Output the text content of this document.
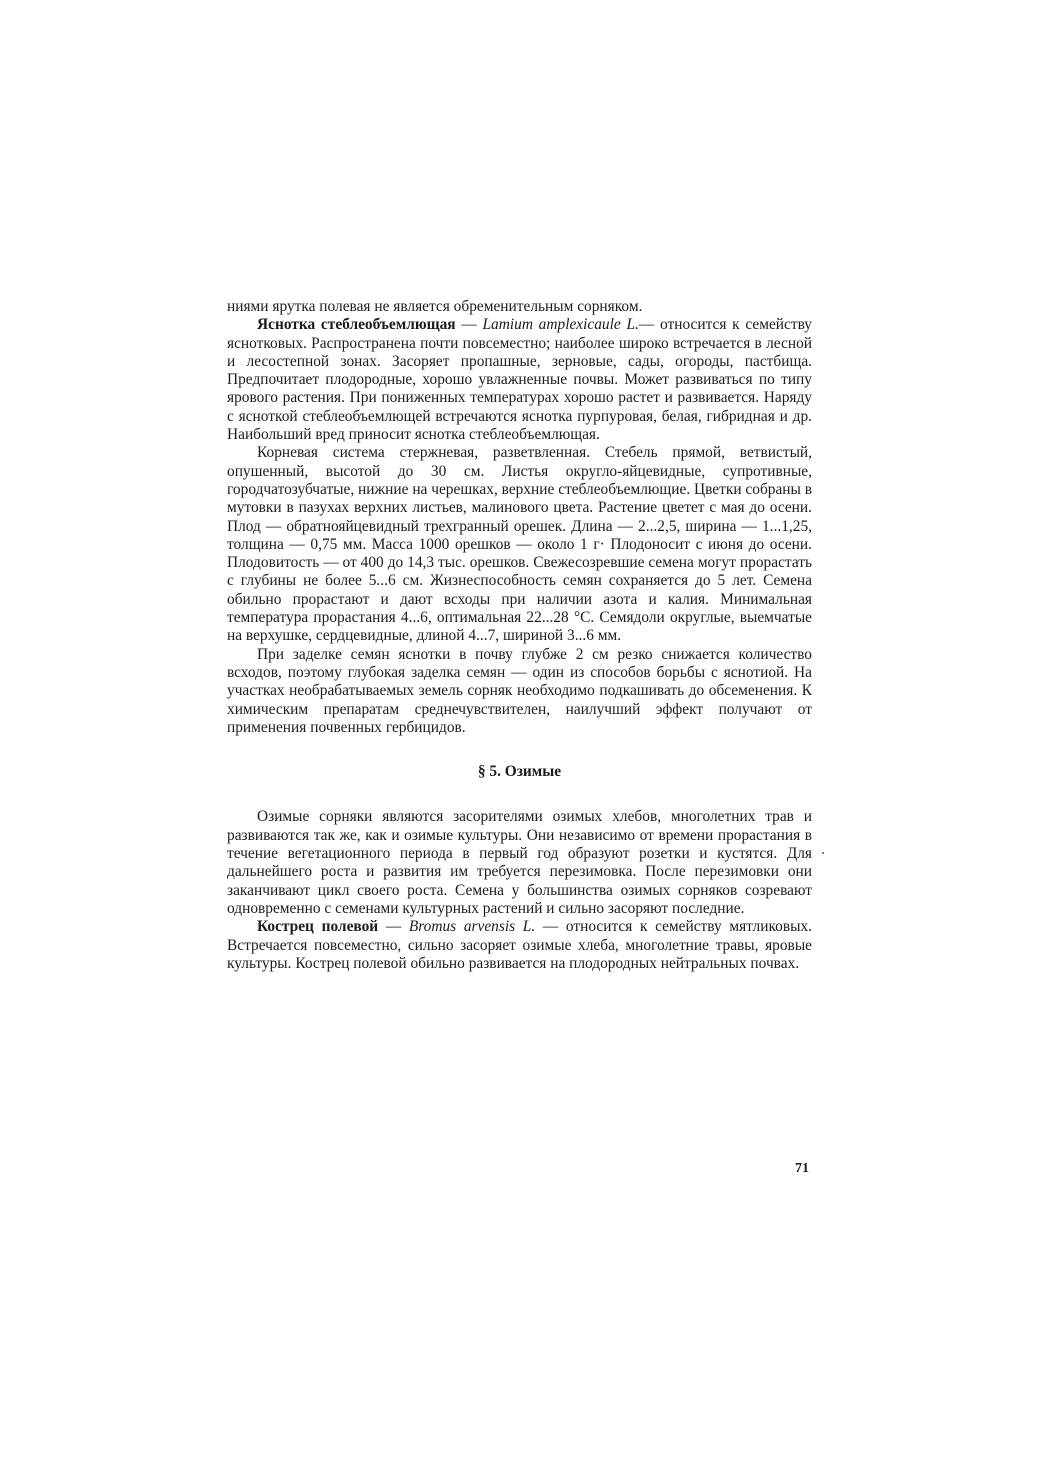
ниями ярутка полевая не является обременительным сорняком.

Яснотка стеблеобъемлющая — Lamium amplexicaule L.— относится к семейству яснотковых. Распространена почти повсеместно; наиболее широко встречается в лесной и лесостепной зонах. Засоряет пропашные, зерновые, сады, огороды, пастбища. Предпочитает плодородные, хорошо увлажненные почвы. Может развиваться по типу ярового растения. При пониженных температурах хорошо растет и развивается. Наряду с ясноткой стеблеобъемлющей встречаются яснотка пурпуровая, белая, гибридная и др. Наибольший вред приносит яснотка стеблеобъемлющая.

Корневая система стержневая, разветвленная. Стебель прямой, ветвистый, опушенный, высотой до 30 см. Листья округло-яйцевидные, супротивные, городчатозубчатые, нижние на черешках, верхние стеблеобъемлющие. Цветки собраны в мутовки в пазухах верхних листьев, малинового цвета. Растение цветет с мая до осени. Плод — обратнояйцевидный трехгранный орешек. Длина — 2...2,5, ширина — 1...1,25, толщина — 0,75 мм. Масса 1000 орешков — около 1 г· Плодоносит с июня до осени. Плодовитость — от 400 до 14,3 тыс. орешков. Свежесозревшие семена могут прорастать с глубины не более 5...6 см. Жизнеспособность семян сохраняется до 5 лет. Семена обильно прорастают и дают всходы при наличии азота и калия. Минимальная температура прорастания 4...6, оптимальная 22...28 °С. Семядоли округлые, выемчатые на верхушке, сердцевидные, длиной 4...7, шириной 3...6 мм.

При заделке семян яснотки в почву глубже 2 см резко снижается количество всходов, поэтому глубокая заделка семян — один из способов борьбы с яснотиой. На участках необрабатываемых земель сорняк необходимо подкашивать до обсеменения. К химическим препаратам среднечувствителен, наилучший эффект получают от применения почвенных гербицидов.

§ 5. Озимые

Озимые сорняки являются засорителями озимых хлебов, многолетних трав и развиваются так же, как и озимые культуры. Они независимо от времени прорастания в течение вегетационного периода в первый год образуют розетки и кустятся. Для дальнейшего роста и развития им требуется перезимовка. После перезимовки они заканчивают цикл своего роста. Семена у большинства озимых сорняков созревают одновременно с семенами культурных растений и сильно засоряют последние.

Кострец полевой — Bromus arvensis L. — относится к семейству мятликовых. Встречается повсеместно, сильно засоряет озимые хлеба, многолетние травы, яровые культуры. Кострец полевой обильно развивается на плодородных нейтральных почвах.

71
